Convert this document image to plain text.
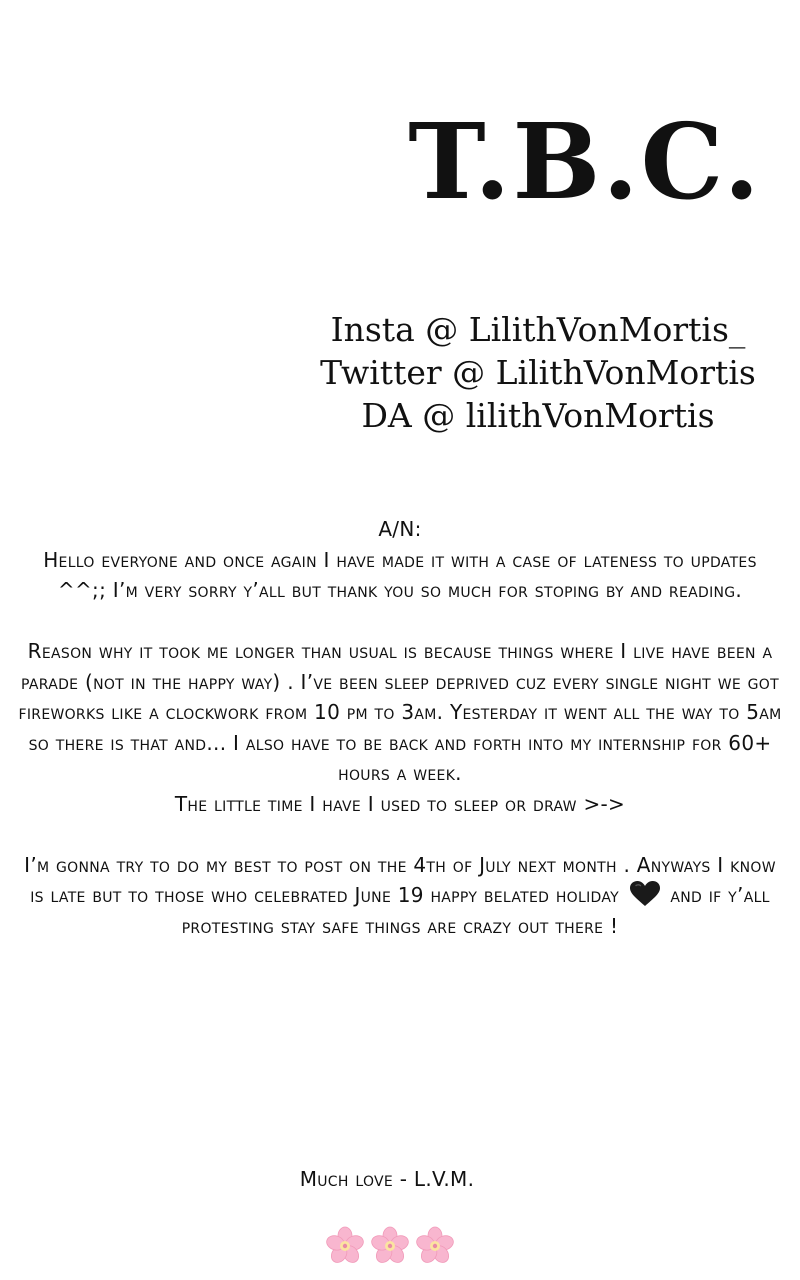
T.B.C.
Insta @ LilithVonMortis_
Twitter @ LilithVonMortis
DA @ lilithVonMortis
A/N:

Hello everyone and once again I have made it with a case of lateness to updates ^^;; I’m very sorry y’all but thank you so much for stoping by and reading.

Reason why it took me longer than usual is because things where I live have been a parade (not in the happy way) . I’ve been sleep deprived cuz every single night we got fireworks like a clockwork from 10 pm to 3am. Yesterday it went all the way to 5am so there is that and... I also have to be back and forth into my internship for 60+ hours a week.
The little time I have I used to sleep or draw >->

I’m gonna try to do my best to post on the 4th of July next month . Anyways I know is late but to those who celebrated June 19 happy belated holiday	and if y’all protesting stay safe things are crazy out there !

Much love - L.V.M.
